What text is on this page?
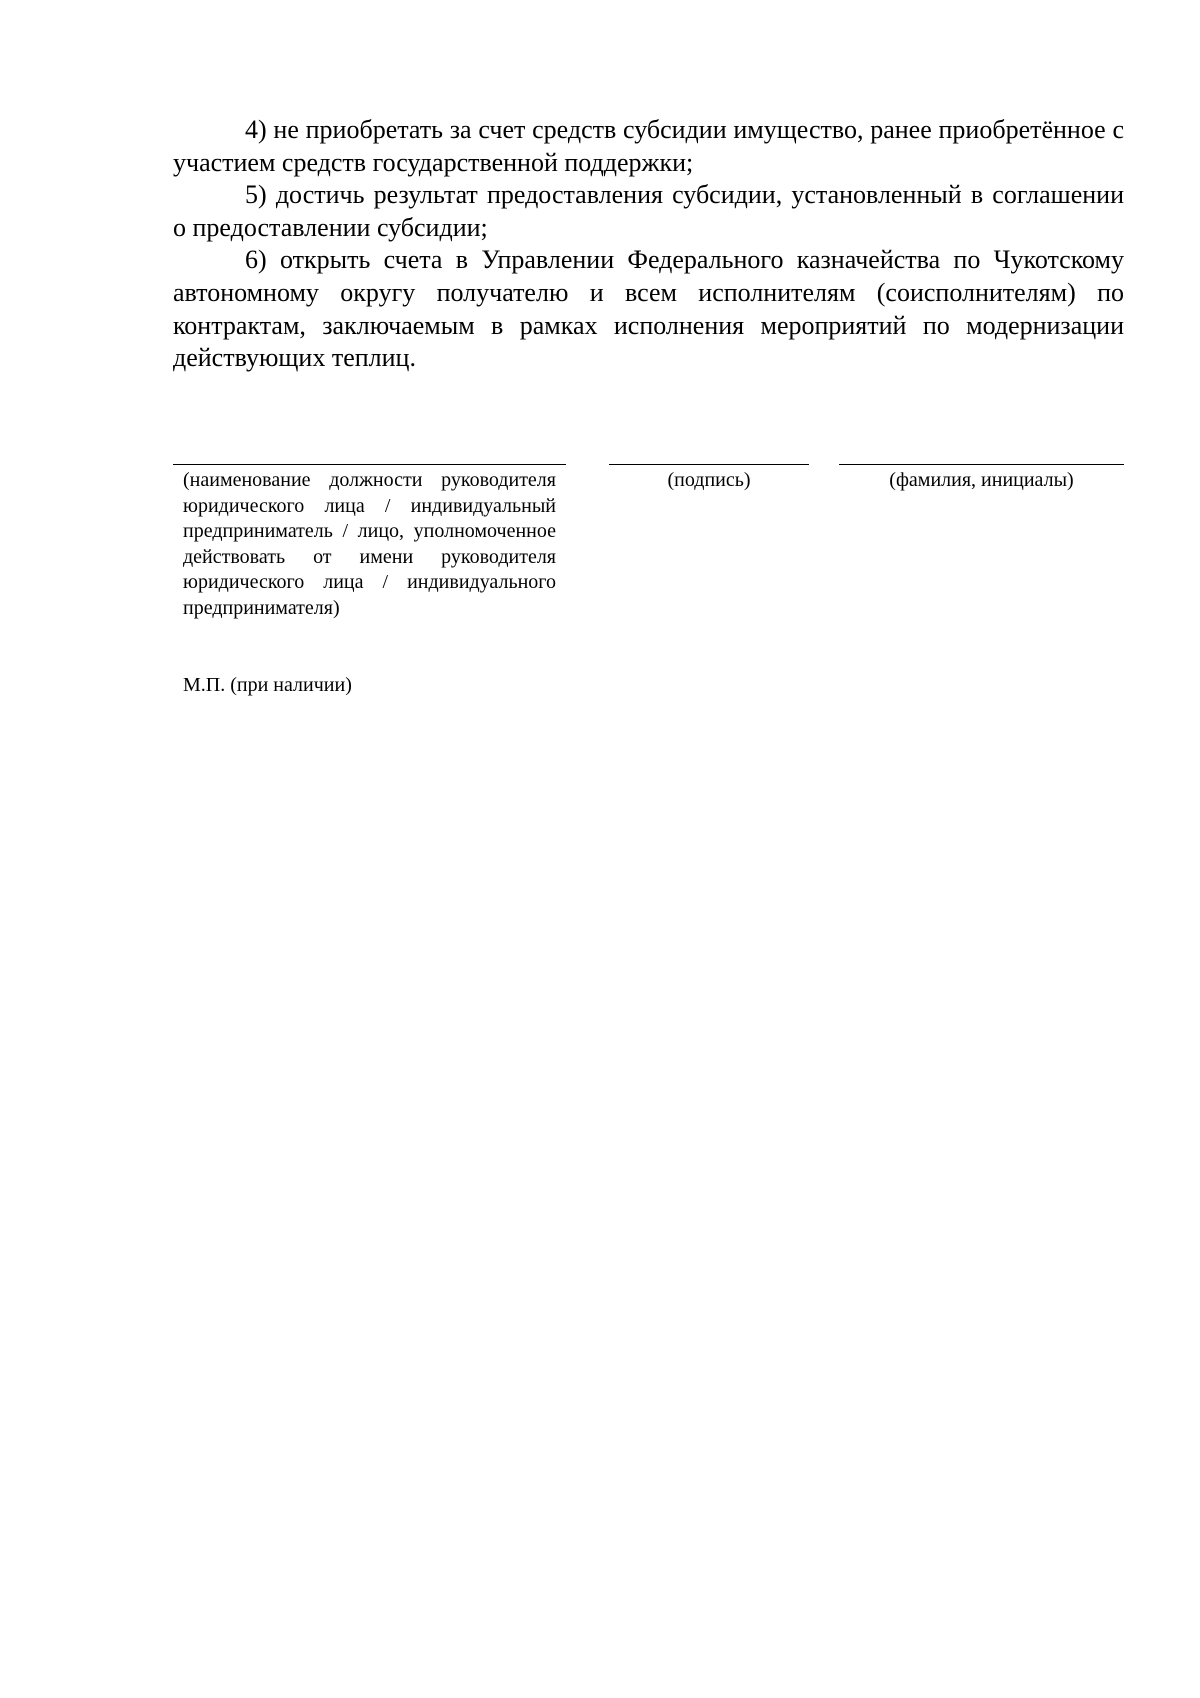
4) не приобретать за счет средств субсидии имущество, ранее приобретённое с участием средств государственной поддержки;

5) достичь результат предоставления субсидии, установленный в соглашении о предоставлении субсидии;

6) открыть счета в Управлении Федерального казначейства по Чукотскому автономному округу получателю и всем исполнителям (соисполнителям) по контрактам, заключаемым в рамках исполнения мероприятий по модернизации действующих теплиц.

(наименование должности руководителя юридического лица / индивидуальный предприниматель / лицо, уполномоченное действовать от имени руководителя юридического лица / индивидуального предпринимателя)

(подпись)	(фамилия, инициалы)

М.П. (при наличии)
